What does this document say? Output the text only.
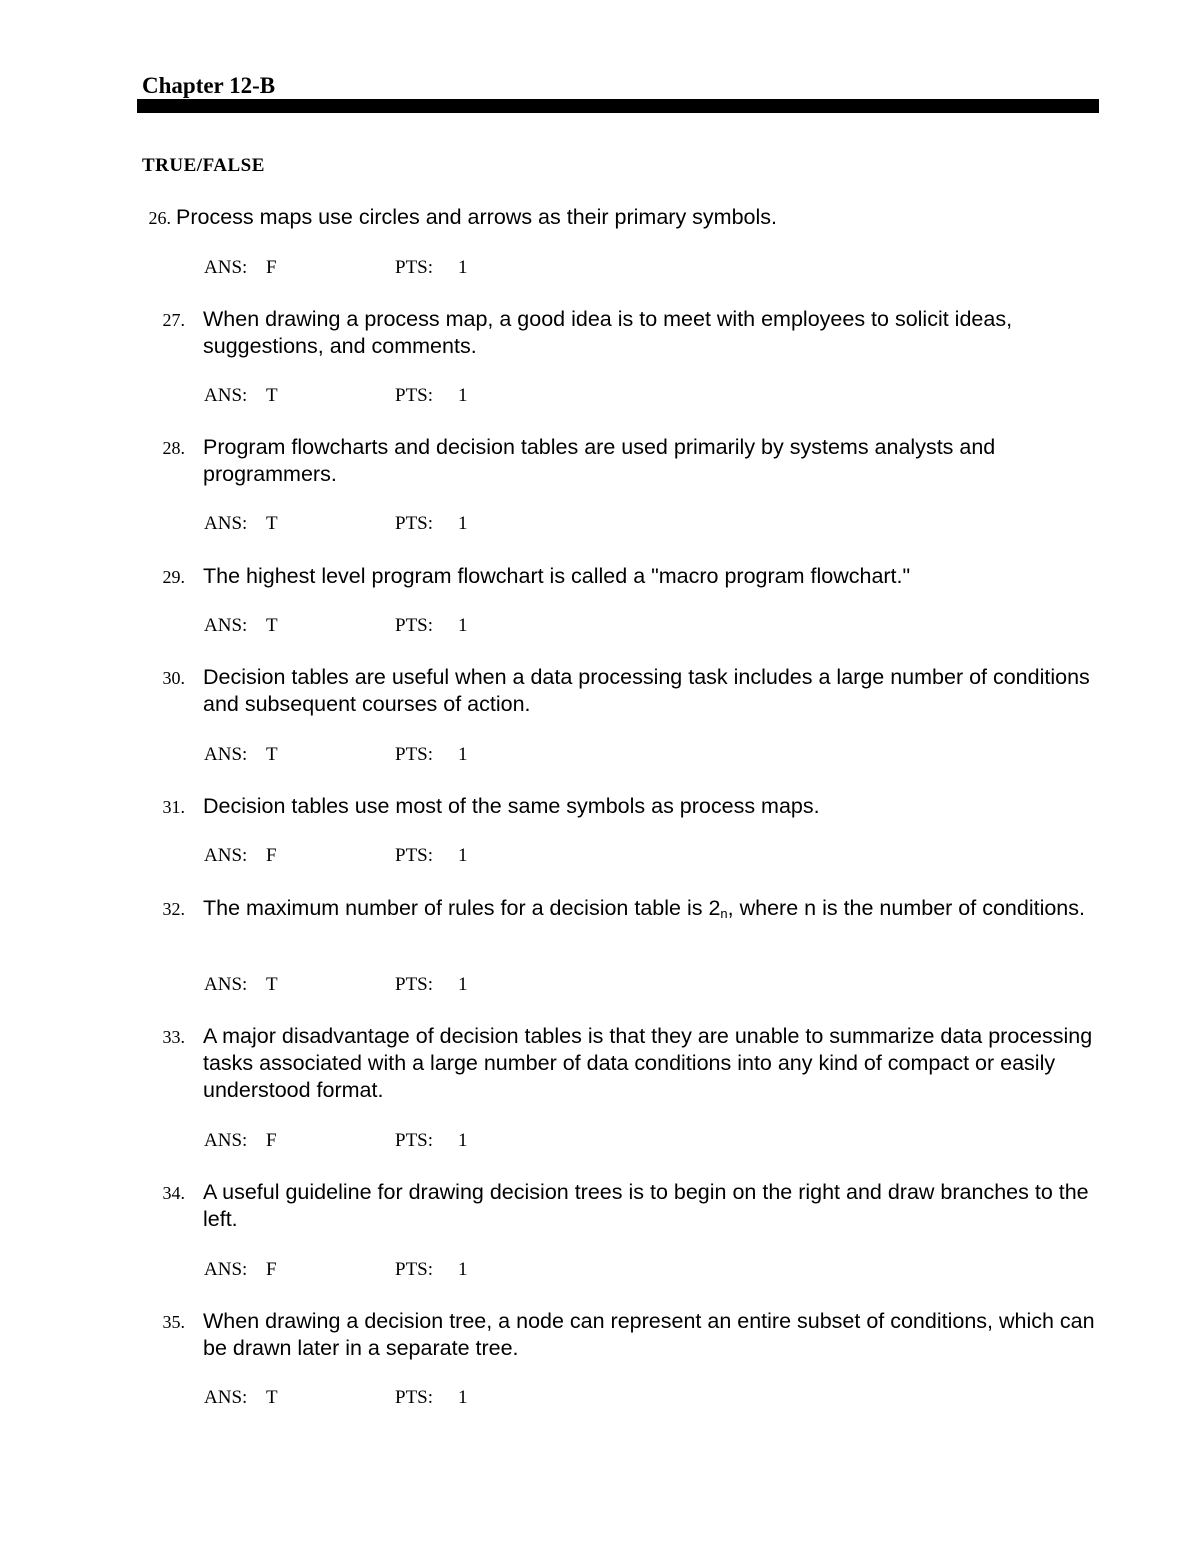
Chapter 12-B
TRUE/FALSE
26. Process maps use circles and arrows as their primary symbols.
ANS: F	PTS: 1
27. When drawing a process map, a good idea is to meet with employees to solicit ideas, suggestions, and comments.
ANS: T	PTS: 1
28. Program flowcharts and decision tables are used primarily by systems analysts and programmers.
ANS: T	PTS: 1
29. The highest level program flowchart is called a "macro program flowchart."
ANS: T	PTS: 1
30. Decision tables are useful when a data processing task includes a large number of conditions and subsequent courses of action.
ANS: T	PTS: 1
31. Decision tables use most of the same symbols as process maps.
ANS: F	PTS: 1
32. The maximum number of rules for a decision table is $2_n$, where n is the number of conditions.
ANS: T	PTS: 1
33. A major disadvantage of decision tables is that they are unable to summarize data processing tasks associated with a large number of data conditions into any kind of compact or easily understood format.
ANS: F	PTS: 1
34. A useful guideline for drawing decision trees is to begin on the right and draw branches to the left.
ANS: F	PTS: 1
35. When drawing a decision tree, a node can represent an entire subset of conditions, which can be drawn later in a separate tree.
ANS: T	PTS: 1
